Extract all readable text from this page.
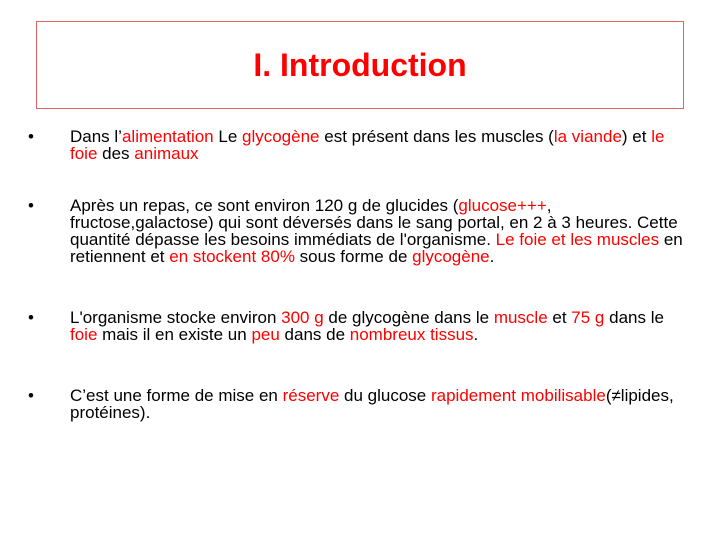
I. Introduction
•	Dans l’alimentation Le glycogène est présent dans les muscles (la viande) et le foie des animaux
•	Après un repas, ce sont environ 120 g de glucides (glucose+++, fructose,galactose) qui sont déversés dans le sang portal, en 2 à 3 heures. Cette quantité dépasse les besoins immédiats de l'organisme. Le foie et les muscles en retiennent et en stockent 80% sous forme de glycogène.
•	L'organisme stocke environ 300 g de glycogène dans le muscle et 75 g dans le foie mais il en existe un peu dans de nombreux tissus.
•	C’est une forme de mise en réserve du glucose rapidement mobilisable(≠lipides, protéines).
